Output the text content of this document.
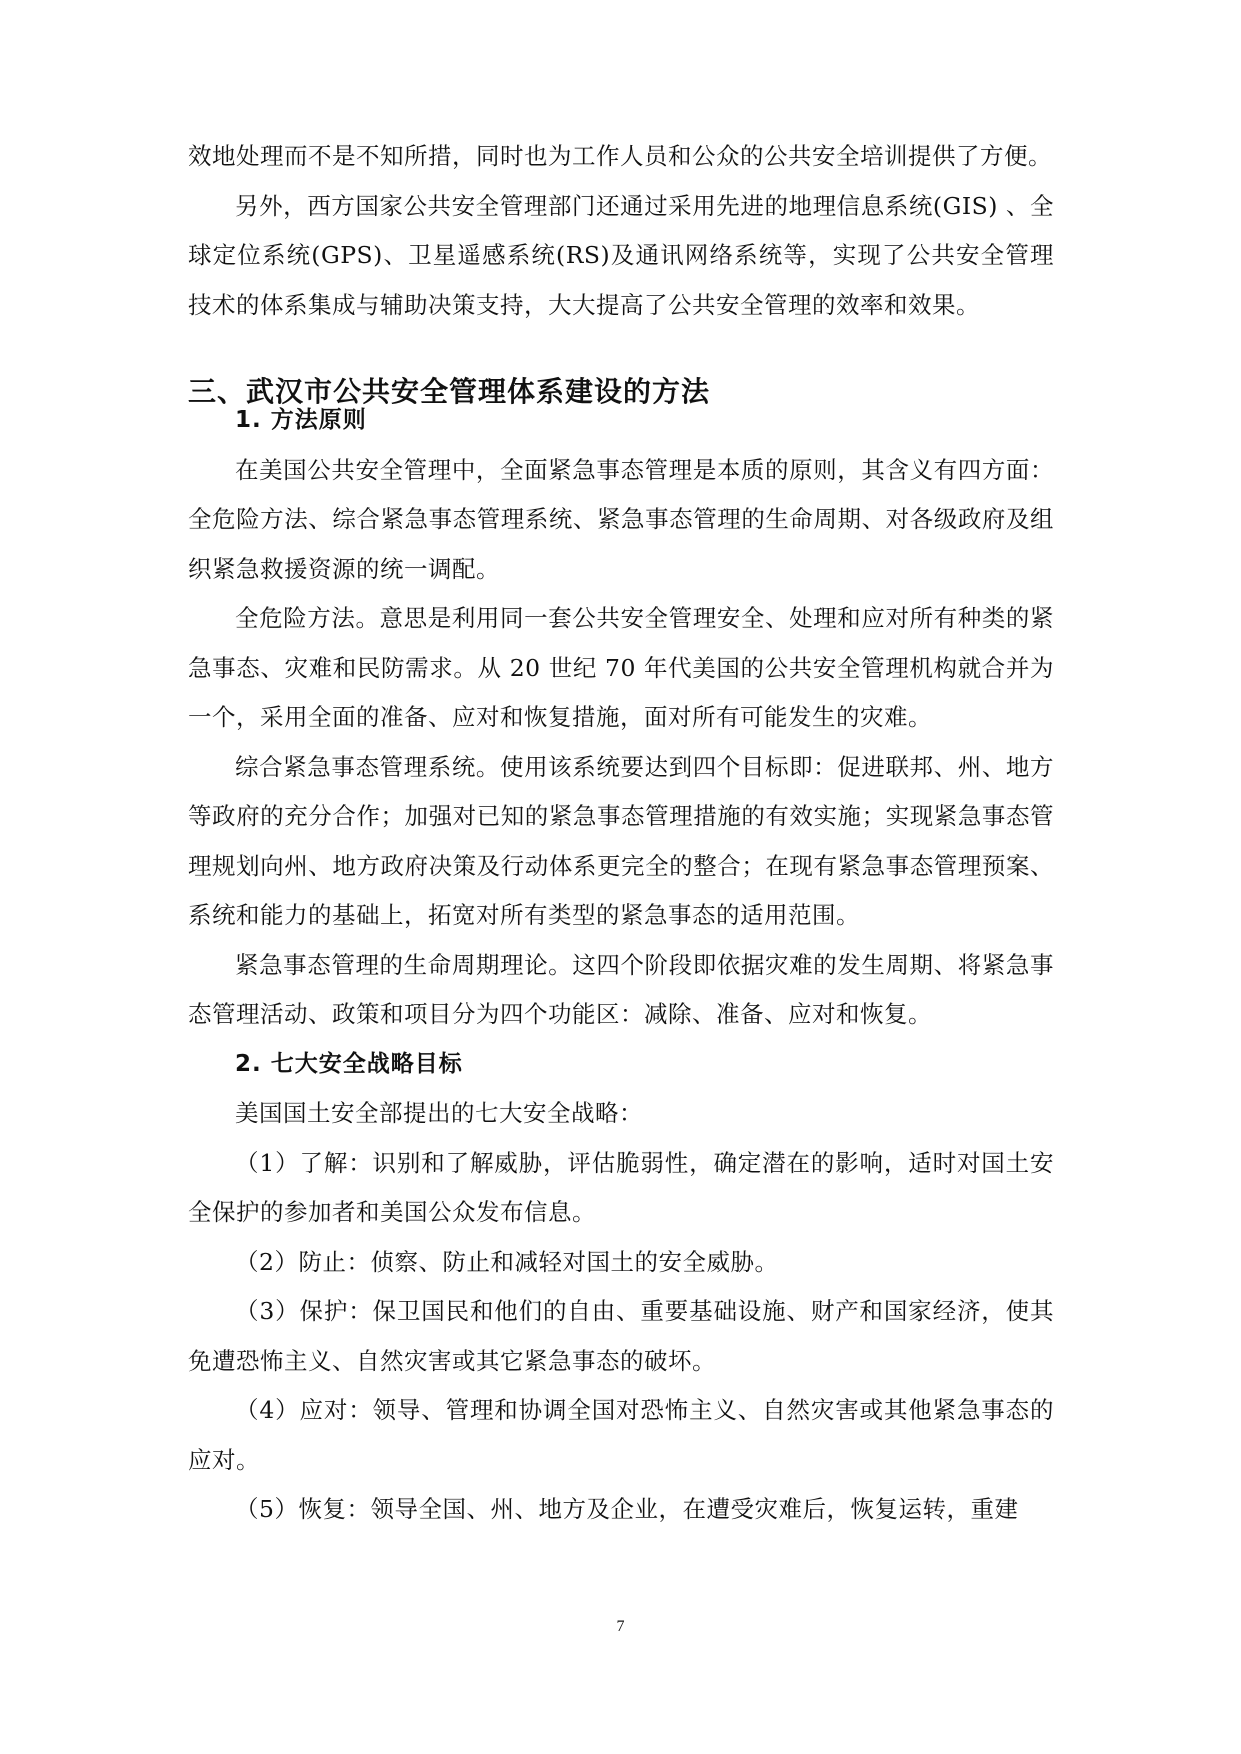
效地处理而不是不知所措，同时也为工作人员和公众的公共安全培训提供了方便。

另外，西方国家公共安全管理部门还通过采用先进的地理信息系统(GIS) 、全球定位系统(GPS)、卫星遥感系统(RS)及通讯网络系统等，实现了公共安全管理技术的体系集成与辅助决策支持，大大提高了公共安全管理的效率和效果。

三、武汉市公共安全管理体系建设的方法
1. 方法原则

在美国公共安全管理中，全面紧急事态管理是本质的原则，其含义有四方面：全危险方法、综合紧急事态管理系统、紧急事态管理的生命周期、对各级政府及组织紧急救援资源的统一调配。

全危险方法。意思是利用同一套公共安全管理安全、处理和应对所有种类的紧急事态、灾难和民防需求。从 20 世纪 70 年代美国的公共安全管理机构就合并为一个，采用全面的准备、应对和恢复措施，面对所有可能发生的灾难。

综合紧急事态管理系统。使用该系统要达到四个目标即：促进联邦、州、地方等政府的充分合作；加强对已知的紧急事态管理措施的有效实施；实现紧急事态管理规划向州、地方政府决策及行动体系更完全的整合；在现有紧急事态管理预案、系统和能力的基础上，拓宽对所有类型的紧急事态的适用范围。

紧急事态管理的生命周期理论。这四个阶段即依据灾难的发生周期、将紧急事态管理活动、政策和项目分为四个功能区：减除、准备、应对和恢复。

2. 七大安全战略目标

美国国土安全部提出的七大安全战略：

（1）了解：识别和了解威胁，评估脆弱性，确定潜在的影响，适时对国土安全保护的参加者和美国公众发布信息。

（2）防止：侦察、防止和减轻对国土的安全威胁。

（3）保护：保卫国民和他们的自由、重要基础设施、财产和国家经济，使其免遭恐怖主义、自然灾害或其它紧急事态的破坏。

（4）应对：领导、管理和协调全国对恐怖主义、自然灾害或其他紧急事态的应对。

（5）恢复：领导全国、州、地方及企业，在遭受灾难后，恢复运转，重建

7
